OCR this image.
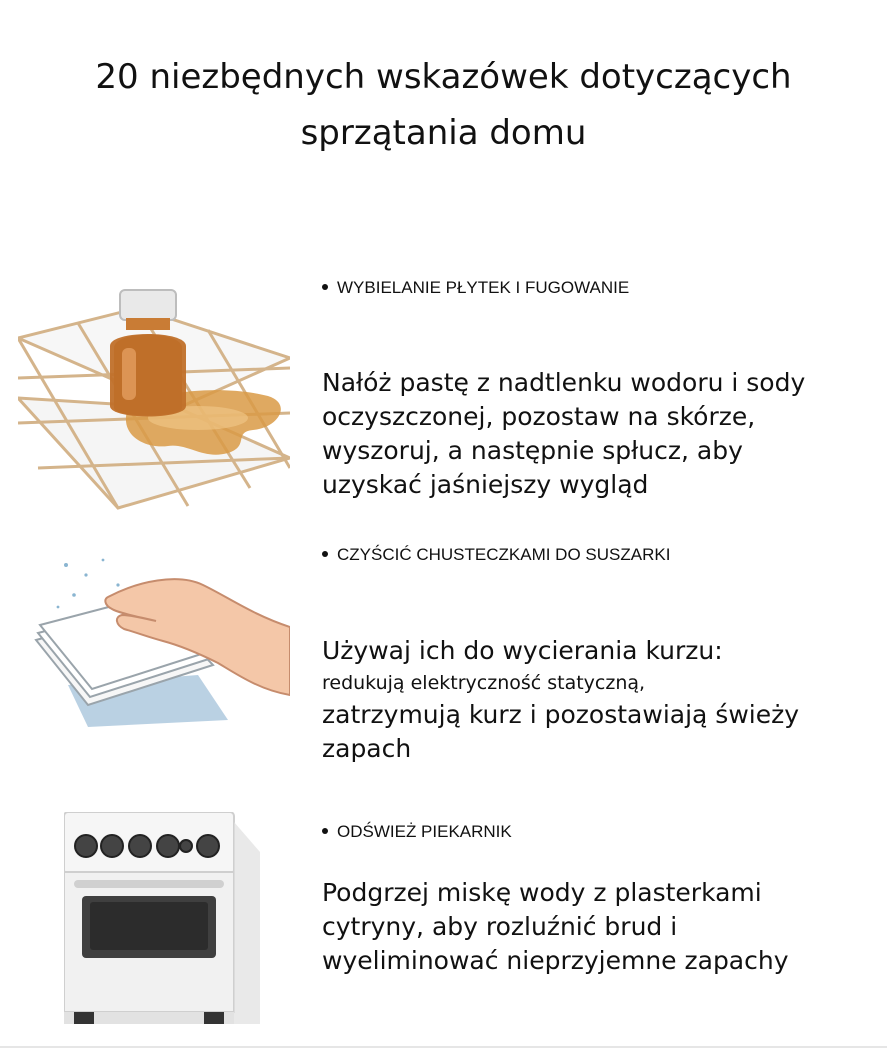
20 niezbędnych wskazówek dotyczących
sprzątania domu
WYBIELANIE PŁYTEK I FUGOWANIE
Nałóż pastę z nadtlenku wodoru i sody
oczyszczonej, pozostaw na skórze,
wyszoruj, a następnie spłucz, aby
uzyskać jaśniejszy wygląd
CZYŚCIĆ CHUSTECZKAMI DO SUSZARKI
Używaj ich do wycierania kurzu:
redukują elektryczność statyczną,
zatrzymują kurz i pozostawiają świeży
zapach
ODŚWIEŻ PIEKARNIK
Podgrzej miskę wody z plasterkami
cytryny, aby rozluźnić brud i
wyeliminować nieprzyjemne zapachy
